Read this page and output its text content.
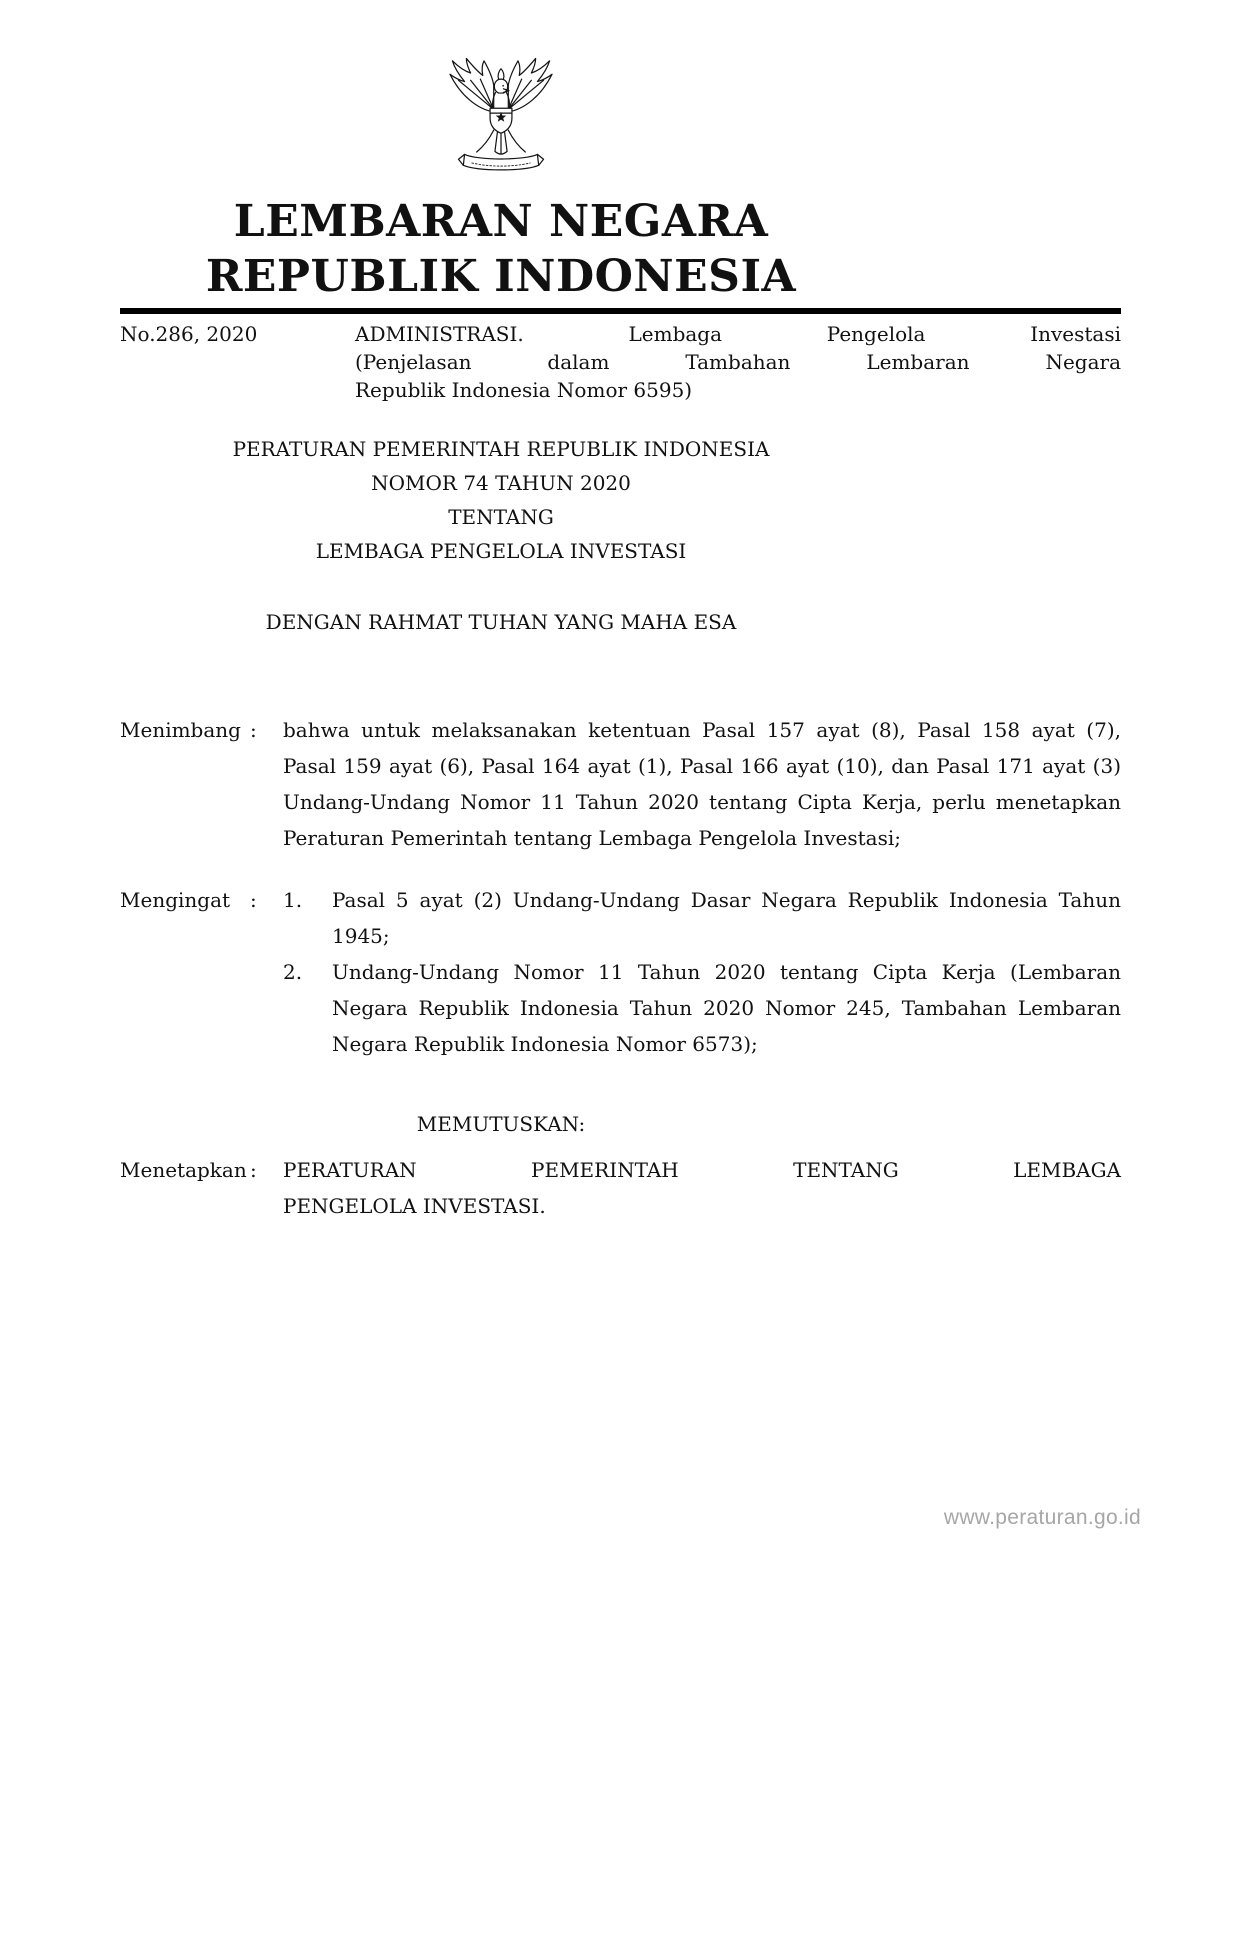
LEMBARAN NEGARA
REPUBLIK INDONESIA
No.286, 2020	ADMINISTRASI. Lembaga Pengelola Investasi
(Penjelasan dalam Tambahan Lembaran Negara
Republik Indonesia Nomor 6595)
PERATURAN PEMERINTAH REPUBLIK INDONESIA
NOMOR 74 TAHUN 2020
TENTANG
LEMBAGA PENGELOLA INVESTASI
DENGAN RAHMAT TUHAN YANG MAHA ESA
Menimbang :	bahwa untuk melaksanakan ketentuan Pasal 157 ayat (8), Pasal 158 ayat (7), Pasal 159 ayat (6), Pasal 164 ayat (1), Pasal 166 ayat (10), dan Pasal 171 ayat (3) Undang-Undang Nomor 11 Tahun 2020 tentang Cipta Kerja, perlu menetapkan Peraturan Pemerintah tentang Lembaga Pengelola Investasi;
Mengingat :	1.	Pasal 5 ayat (2) Undang-Undang Dasar Negara Republik Indonesia Tahun 1945;
2.	Undang-Undang Nomor 11 Tahun 2020 tentang Cipta Kerja (Lembaran Negara Republik Indonesia Tahun 2020 Nomor 245, Tambahan Lembaran Negara Republik Indonesia Nomor 6573);
MEMUTUSKAN:
Menetapkan :	PERATURAN PEMERINTAH TENTANG LEMBAGA
PENGELOLA INVESTASI.
www.peraturan.go.id
